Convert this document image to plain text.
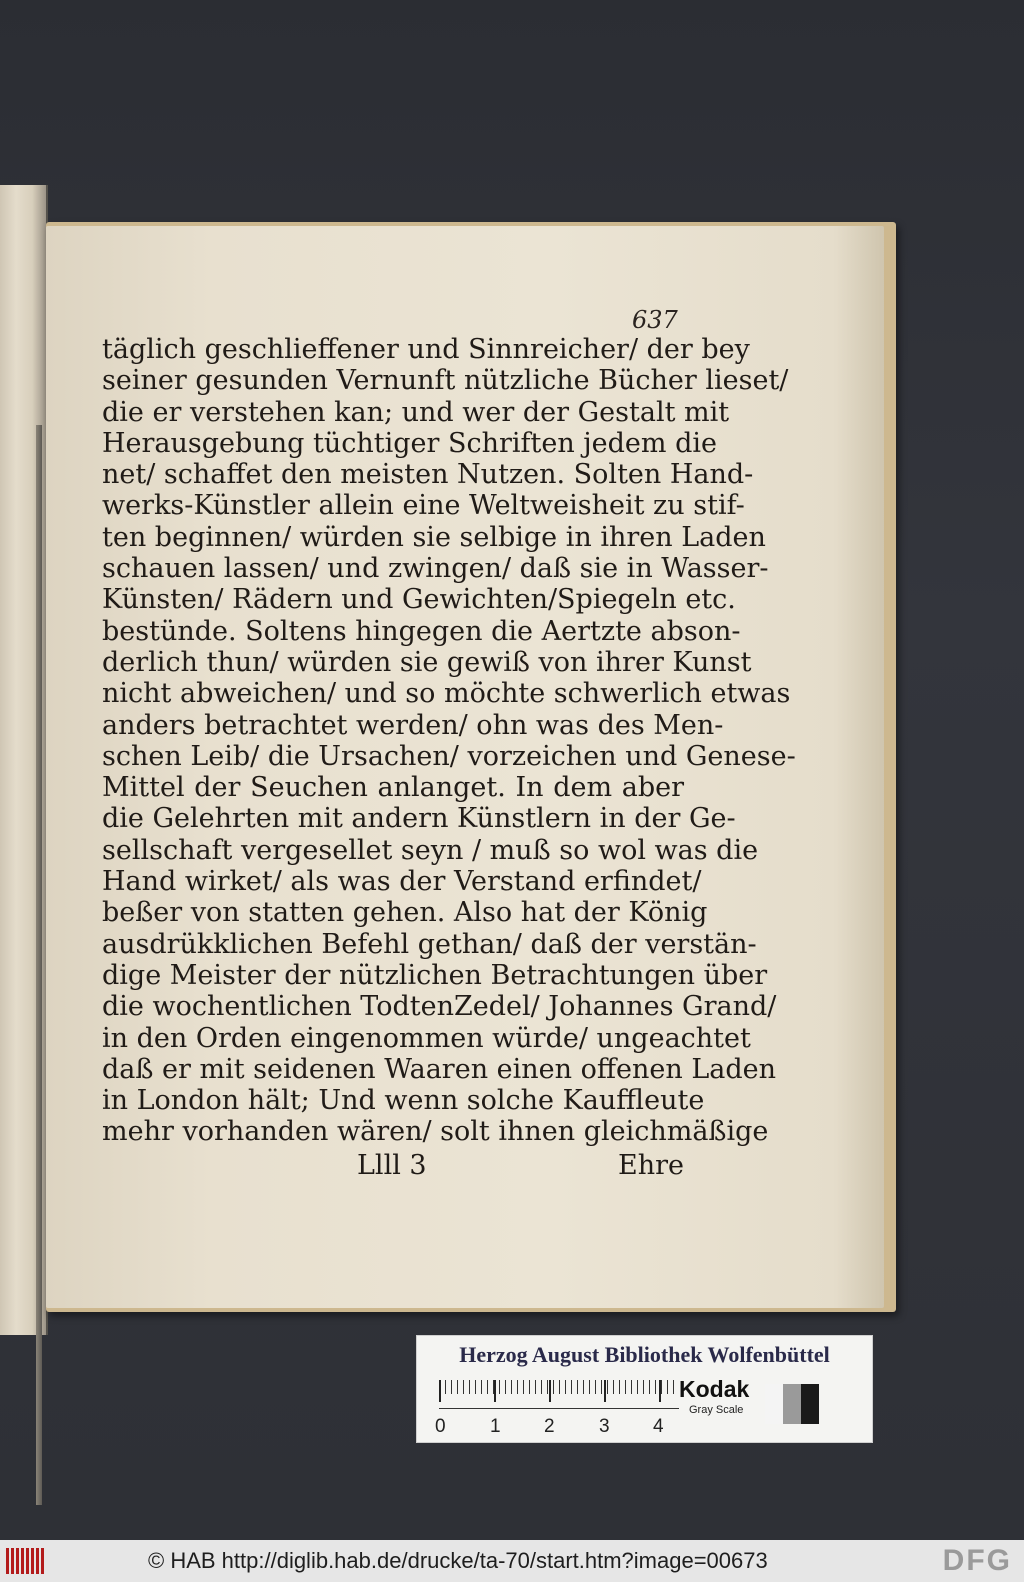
637
täglich geschlieffener und Sinnreicher/ der bey
seiner gesunden Vernunft nützliche Bücher lieset/
die er verstehen kan; und wer der Gestalt mit
Herausgebung tüchtiger Schriften jedem die
net/ schaffet den meisten Nutzen. Solten Hand-
werks-Künstler allein eine Weltweisheit zu stif-
ten beginnen/ würden sie selbige in ihren Laden
schauen lassen/ und zwingen/ daß sie in Wasser-
Künsten/ Rädern und Gewichten/Spiegeln etc.
bestünde. Soltens hingegen die Aertzte abson-
derlich thun/ würden sie gewiß von ihrer Kunst
nicht abweichen/ und so möchte schwerlich etwas
anders betrachtet werden/ ohn was des Men-
schen Leib/ die Ursachen/ vorzeichen und Genese-
Mittel der Seuchen anlanget. In dem aber
die Gelehrten mit andern Künstlern in der Ge-
sellschaft vergesellet seyn / muß so wol was die
Hand wirket/ als was der Verstand erfindet/
beßer von statten gehen. Also hat der König
ausdrükklichen Befehl gethan/ daß der verstän-
dige Meister der nützlichen Betrachtungen über
die wochentlichen TodtenZedel/ Johannes Grand/
in den Orden eingenommen würde/ ungeachtet
daß er mit seidenen Waaren einen offenen Laden
in London hält; Und wenn solche Kauffleute
mehr vorhanden wären/ solt ihnen gleichmäßige
Llll 3	Ehre
Herzog August Bibliothek Wolfenbüttel
0 1 2 3 4
Kodak
Gray Scale
© HAB http://diglib.hab.de/drucke/ta-70/start.htm?image=00673	DFG
